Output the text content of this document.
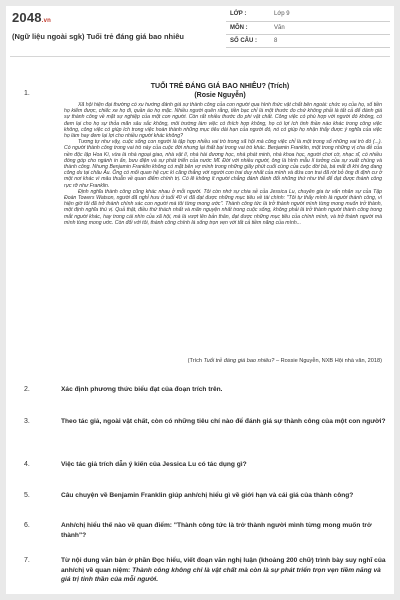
2048.vn
(Ngữ liệu ngoài sgk) Tuổi trẻ đáng giá bao nhiêu
LỚP :	Lớp 9
MÔN :	Văn
SỐ CÂU :	8
1.
TUỔI TRẺ ĐÁNG GIÁ BAO NHIÊU? (Trích)
(Rosie Nguyễn)

Xã hội hiện đại thường có xu hướng đánh giá sự thành công của con người qua hình thức vật chất bên ngoài: chức vụ của họ, số tiền họ kiếm được, chiếc xe họ đi, quần áo họ mặc. Nhiều người quên rằng, tiền bạc chỉ là một thước đo chứ không phải là tất cả để đánh giá sự thành công về mặt sự nghiệp của một con người. Còn rất nhiều thước đo phi vật chất. Công việc có phù hợp với người đó không, có đem lại cho họ sự thỏa mãn sâu sắc không, môi trường làm việc có thích hợp không, họ có lợi ích tinh thần nào khác trong công việc không, công việc có giúp ích trong việc hoàn thành những mục tiêu dài hạn của người đó, nó có giúp họ nhận thấy được ý nghĩa của việc họ làm hay đem lại lợi cho nhiều người khác không?

Tương tự như vậy, cuộc sống con người là tập hợp nhiều vai trò trong xã hội mà công việc chỉ là một trong số những vai trò đó (...). Có người thành công trong vai trò này của cuộc đời nhưng lại thất bại trong vai trò khác. Benjamin Franklin, một trong những vị cha đẻ của nền độc lập Hoa Kì, vừa là nhà ngoại giao, nhà vật lí, nhà hài đương học, nhà phát minh, nhà khoa học, người chơi cờ, nhạc sĩ, có nhiều đóng góp cho ngành in ấn, bưu điện và sự phát triển của nước Mĩ. Đời với nhiều người, ông là hình mẫu lí tưởng của sự xuất chúng và thành công. Nhưng Benjamin Franklin không có mặt bên vợ mình trong những giây phút cuối cùng của cuộc đời bà, bà mất đi khi ông đang công du tại châu Âu. Ông có mối quan hệ cực kì căng thẳng với người con trai duy nhất của mình và đứa con trai đã rời bỏ ông đi định cư ở một nơi khác vì mâu thuẫn về quan điểm chính trị. Có lẽ không ít người chẳng đánh đánh đổi những thứ như thế để đạt được thành công rực rỡ như Franklin.

Định nghĩa thành công cũng khác nhau ở mỗi người. Tôi còn nhớ sự chia sẻ của Jessica Lu, chuyên gia tư vấn nhân sự của Tập Đoàn Towers Watson, người đã nghỉ hưu ở tuổi 40 vì đã đạt được những mục tiêu về tài chính: "Tôi tự thấy mình là người thành công, vì hiện giờ tôi đã trở thành chính xác con người mà tôi từng mong ước". Thành công tức là trở thành người mình từng mong muốn trở thành, một định nghĩa thú vị. Quả thật, điều thứ thách nhất và mãn nguyện nhất trong cuộc sống, không phải là trở thành người thành công trong mắt người khác, hay trong cái nhìn của xã hội, mà là vượt lên bản thân, đạt được những mục tiêu của chính mình, và trở thành người mà mình từng mong ước. Còn đối với tôi, thành công chính là sống trọn vẹn với tất cả tiềm năng của mình...

(Trích Tuổi trẻ đáng giá bao nhiêu? – Rossie Nguyễn, NXB Hội nhà văn, 2018)
2.	Xác định phương thức biểu đạt của đoạn trích trên.
3.	Theo tác giả, ngoài vật chất, còn có những tiêu chí nào để đánh giá sự thành công của một con người?
4.	Việc tác giả trích dẫn ý kiến của Jessica Lu có tác dụng gì?
5.	Câu chuyện về Benjamin Franklin giúp anh/chị hiểu gì về giới hạn và cái giá của thành công?
6.	Anh/chị hiểu thế nào về quan điểm: "Thành công tức là trở thành người mình từng mong muốn trở thành"?
7.	Từ nội dung văn bản ở phần Đọc hiểu, viết đoạn văn nghị luận (khoảng 200 chữ) trình bày suy nghĩ của anh/chị về quan niệm: Thành công không chỉ là vật chất mà còn là sự phát triển trọn vẹn tiềm năng và giá trị tinh thần của mỗi người.
